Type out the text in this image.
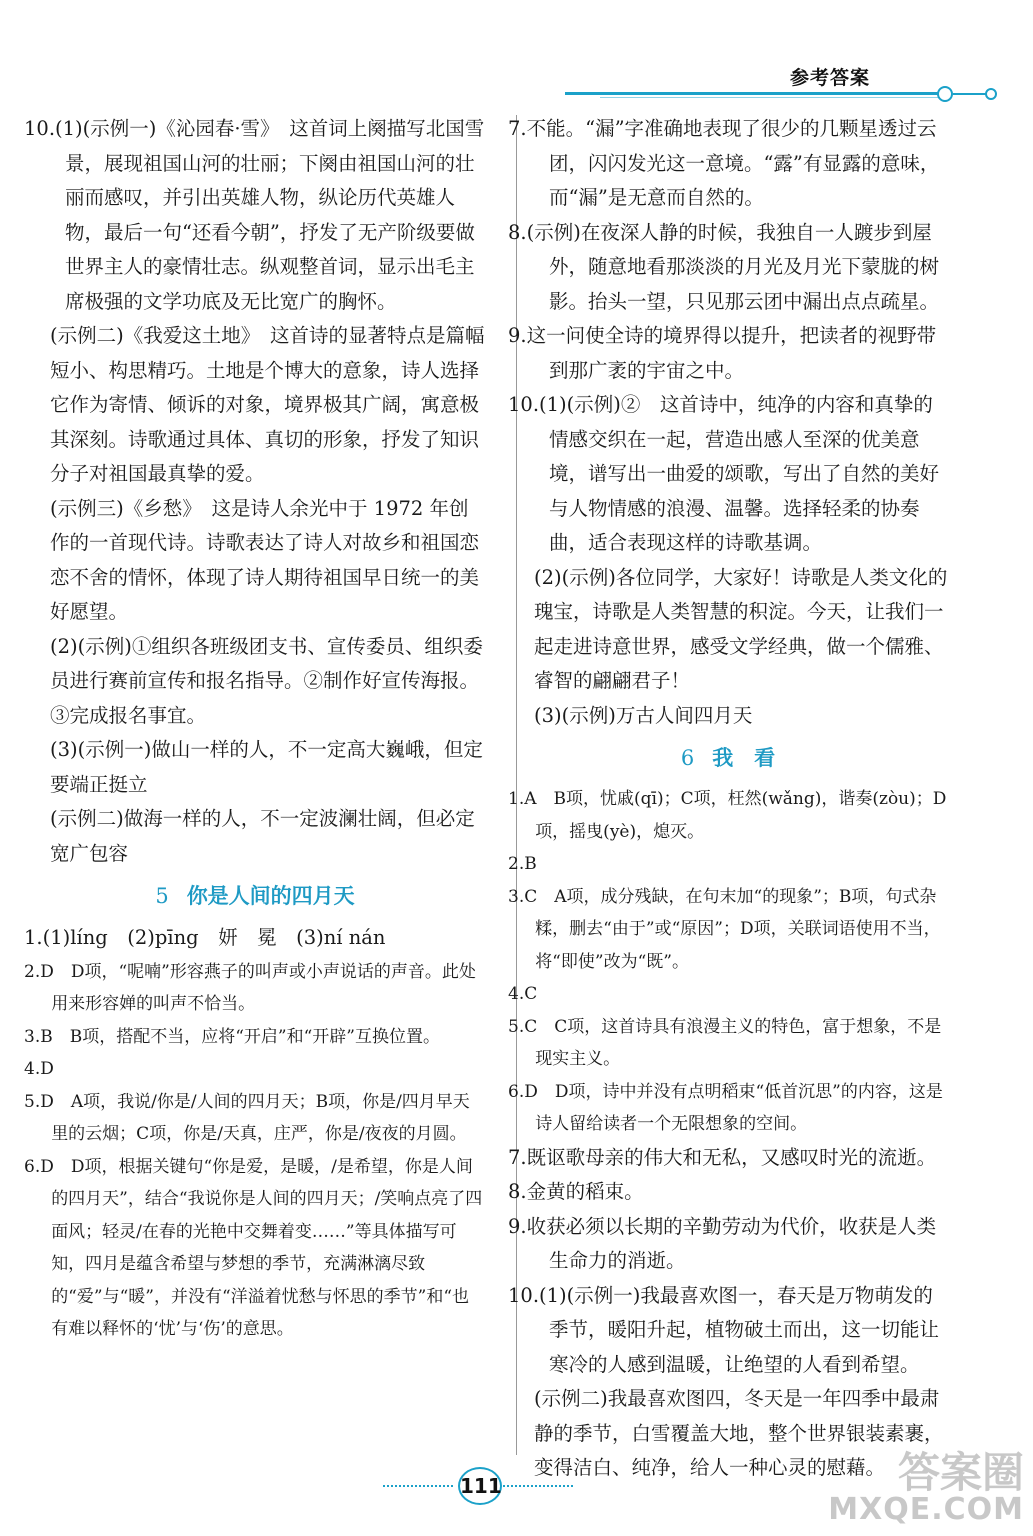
参考答案

10.(1)(示例一)《沁园春·雪》　这首词上阕描写北国雪景，展现祖国山河的壮丽；下阕由祖国山河的壮丽而感叹，并引出英雄人物，纵论历代英雄人物，最后一句“还看今朝”，抒发了无产阶级要做世界主人的豪情壮志。纵观整首词，显示出毛主席极强的文学功底及无比宽广的胸怀。

(示例二)《我爱这土地》　这首诗的显著特点是篇幅短小、构思精巧。土地是个博大的意象，诗人选择它作为寄情、倾诉的对象，境界极其广阔，寓意极其深刻。诗歌通过具体、真切的形象，抒发了知识分子对祖国最真挚的爱。

(示例三)《乡愁》　这是诗人余光中于 1972 年创作的一首现代诗。诗歌表达了诗人对故乡和祖国恋恋不舍的情怀，体现了诗人期待祖国早日统一的美好愿望。

(2)(示例)①组织各班级团支书、宣传委员、组织委员进行赛前宣传和报名指导。②制作好宣传海报。③完成报名事宜。

(3)(示例一)做山一样的人，不一定高大巍峨，但定要端正挺立

(示例二)做海一样的人，不一定波澜壮阔，但必定宽广包容

5 你是人间的四月天

1.(1)líng　(2)pīng　妍　冕　(3)ní nán

2.D　D项，“呢喃”形容燕子的叫声或小声说话的声音。此处用来形容婵的叫声不恰当。

3.B　B项，搭配不当，应将“开启”和“开辟”互换位置。

4.D

5.D　A项，我说/你是/人间的四月天；B项，你是/四月早天里的云烟；C项，你是/天真，庄严，你是/夜夜的月圆。

6.D　D项，根据关键句“你是爱，是暖，/是希望，你是人间的四月天”，结合“我说你是人间的四月天；/笑响点亮了四面风；轻灵/在春的光艳中交舞着变……”等具体描写可知，四月是蕴含希望与梦想的季节，充满淋漓尽致的“爱”与“暖”，并没有“洋溢着忧愁与怀思的季节”和“也有难以释怀的‘忧’与‘伤’的意思。

7.不能。“漏”字准确地表现了很少的几颗星透过云团，闪闪发光这一意境。“露”有显露的意味，而“漏”是无意而自然的。

8.(示例)在夜深人静的时候，我独自一人踱步到屋外，随意地看那淡淡的月光及月光下蒙胧的树影。抬头一望，只见那云团中漏出点点疏星。

9.这一问使全诗的境界得以提升，把读者的视野带到那广袤的宇宙之中。

10.(1)(示例)②　这首诗中，纯净的内容和真挚的情感交织在一起，营造出感人至深的优美意境，谱写出一曲爱的颂歌，写出了自然的美好与人物情感的浪漫、温馨。选择轻柔的协奏曲，适合表现这样的诗歌基调。

(2)(示例)各位同学，大家好！诗歌是人类文化的瑰宝，诗歌是人类智慧的积淀。今天，让我们一起走进诗意世界，感受文学经典，做一个儒雅、睿智的翩翩君子！

(3)(示例)万古人间四月天

6 我　看

1.A　B项，忧戚(qī)；C项，枉然(wǎng)，谐奏(zòu)；D项，摇曳(yè)，熄灭。

2.B

3.C　A项，成分残缺，在句末加“的现象”；B项，句式杂糅，删去“由于”或“原因”；D项，关联词语使用不当，将“即使”改为“既”。

4.C

5.C　C项，这首诗具有浪漫主义的特色，富于想象，不是现实主义。

6.D　D项，诗中并没有点明稻束“低首沉思”的内容，这是诗人留给读者一个无限想象的空间。

7.既讴歌母亲的伟大和无私，又感叹时光的流逝。

8.金黄的稻束。

9.收获必须以长期的辛勤劳动为代价，收获是人类生命力的消逝。

10.(1)(示例一)我最喜欢图一，春天是万物萌发的季节，暖阳升起，植物破土而出，这一切能让寒冷的人感到温暖，让绝望的人看到希望。

(示例二)我最喜欢图四，冬天是一年四季中最肃静的季节，白雪覆盖大地，整个世界银装素裹，变得洁白、纯净，给人一种心灵的慰藉。

111	答案圈
MXQE.COM
